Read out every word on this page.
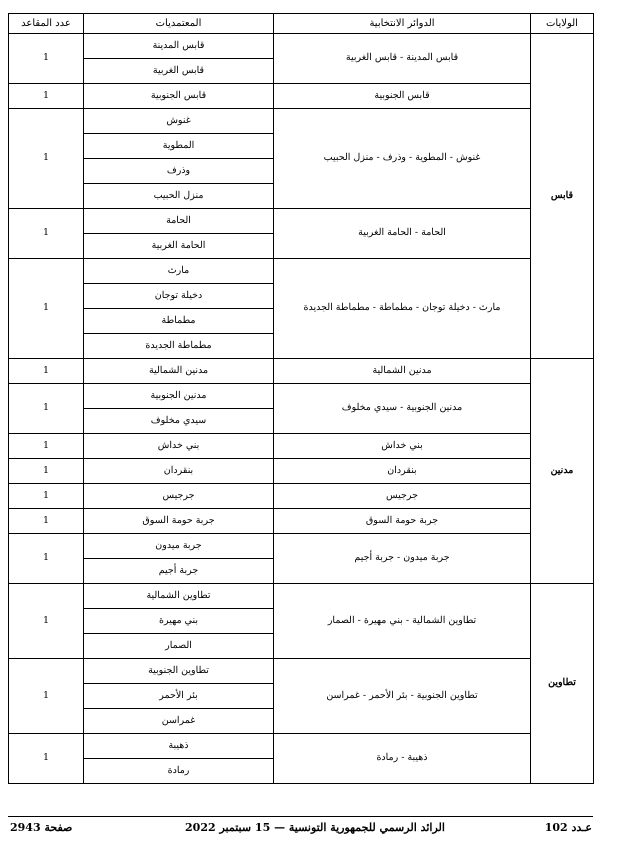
الولايات	الدوائر الانتخابية	المعتمديات	عدد المقاعد
قابس	قابس المدينة - قابس الغربية	قابس المدينة	1
		قابس الغربية	
	قابس الجنوبية	قابس الجنوبية	1
	غنوش - المطوية - وذرف - منزل الحبيب	غنوش	1
		المطوية	
		وذرف	
		منزل الحبيب	
	الحامة - الحامة الغربية	الحامة	1
		الحامة الغربية	
	مارث - دخيلة توجان - مطماطة - مطماطة الجديدة	مارث	1
		دخيلة توجان	
		مطماطة	
		مطماطة الجديدة	
مدنين	مدنين الشمالية	مدنين الشمالية	1
	مدنين الجنوبية - سيدي مخلوف	مدنين الجنوبية	1
		سيدي مخلوف	
	بني خداش	بني خداش	1
	بنقردان	بنقردان	1
	جرجيس	جرجيس	1
	جربة حومة السوق	جربة حومة السوق	1
	جربة ميدون - جربة أجيم	جربة ميدون	1
		جربة أجيم	
تطاوين	تطاوين الشمالية - بني مهيرة - الصمار	تطاوين الشمالية	1
		بني مهيرة	
		الصمار	
	تطاوين الجنوبية - بئر الأحمر - غمراسن	تطاوين الجنوبية	1
		بئر الأحمر	
		غمراسن	
	ذهيبة - رمادة	ذهيبة	1
		رمادة	
صفحة 2943	الرائد الرسمي للجمهورية التونسية — 15 سبتمبر 2022	عـدد 102
